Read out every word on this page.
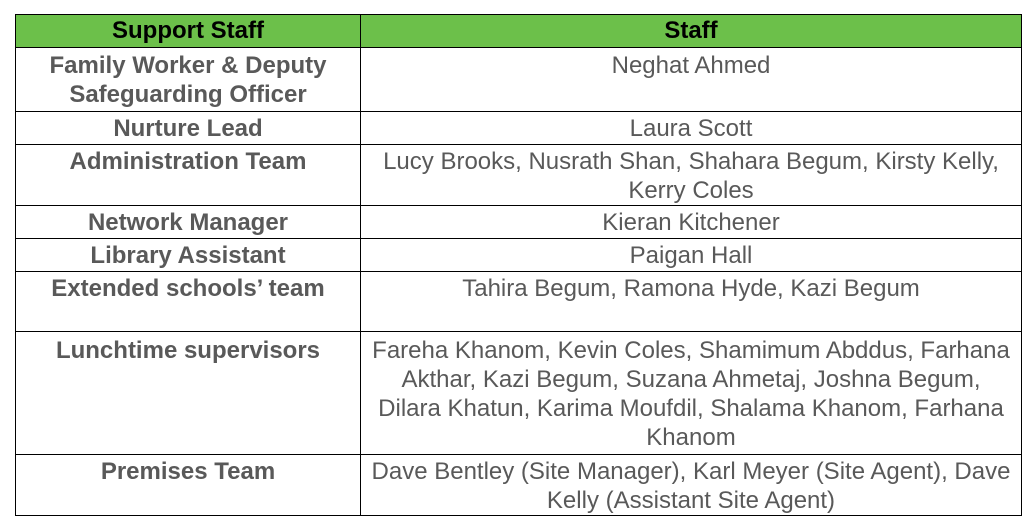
Support Staff	Staff
Family Worker & Deputy Safeguarding Officer	Neghat Ahmed
Nurture Lead	Laura Scott
Administration Team	Lucy Brooks, Nusrath Shan, Shahara Begum, Kirsty Kelly, Kerry Coles
Network Manager	Kieran Kitchener
Library Assistant	Paigan Hall
Extended schools’ team	Tahira Begum, Ramona Hyde, Kazi Begum
Lunchtime supervisors	Fareha Khanom, Kevin Coles, Shamimum Abddus, Farhana Akthar, Kazi Begum, Suzana Ahmetaj, Joshna Begum, Dilara Khatun, Karima Moufdil, Shalama Khanom, Farhana Khanom
Premises Team	Dave Bentley (Site Manager), Karl Meyer (Site Agent), Dave Kelly (Assistant Site Agent)
